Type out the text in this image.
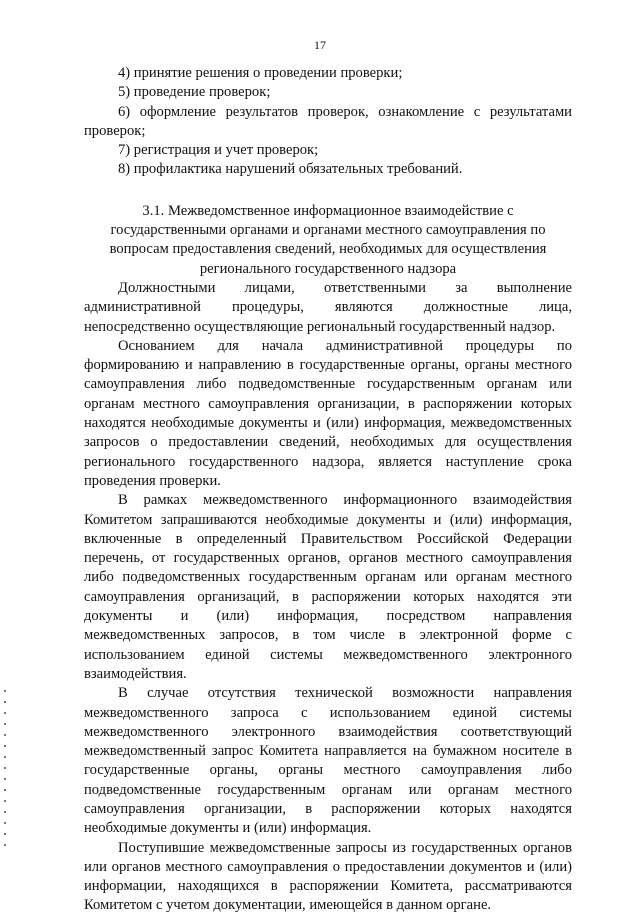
17

4) принятие решения о проведении проверки;

5) проведение проверок;

6) оформление результатов проверок, ознакомление с результатами проверок;

7) регистрация и учет проверок;

8) профилактика нарушений обязательных требований.

3.1. Межведомственное информационное взаимодействие с государственными органами и органами местного самоуправления по вопросам предоставления сведений, необходимых для осуществления регионального государственного надзора

Должностными лицами, ответственными за выполнение административной процедуры, являются должностные лица, непосредственно осуществляющие региональный государственный надзор.

Основанием для начала административной процедуры по формированию и направлению в государственные органы, органы местного самоуправления либо подведомственные государственным органам или органам местного самоуправления организации, в распоряжении которых находятся необходимые документы и (или) информация, межведомственных запросов о предоставлении сведений, необходимых для осуществления регионального государственного надзора, является наступление срока проведения проверки.

В рамках межведомственного информационного взаимодействия Комитетом запрашиваются необходимые документы и (или) информация, включенные в определенный Правительством Российской Федерации перечень, от государственных органов, органов местного самоуправления либо подведомственных государственным органам или органам местного самоуправления организаций, в распоряжении которых находятся эти документы и (или) информация, посредством направления межведомственных запросов, в том числе в электронной форме с использованием единой системы межведомственного электронного взаимодействия.

В случае отсутствия технической возможности направления межведомственного запроса с использованием единой системы межведомственного электронного взаимодействия соответствующий межведомственный запрос Комитета направляется на бумажном носителе в государственные органы, органы местного самоуправления либо подведомственные государственным органам или органам местного самоуправления организации, в распоряжении которых находятся необходимые документы и (или) информация.

Поступившие межведомственные запросы из государственных органов или органов местного самоуправления о предоставлении документов и (или) информации, находящихся в распоряжении Комитета, рассматриваются Комитетом с учетом документации, имеющейся в данном органе.
